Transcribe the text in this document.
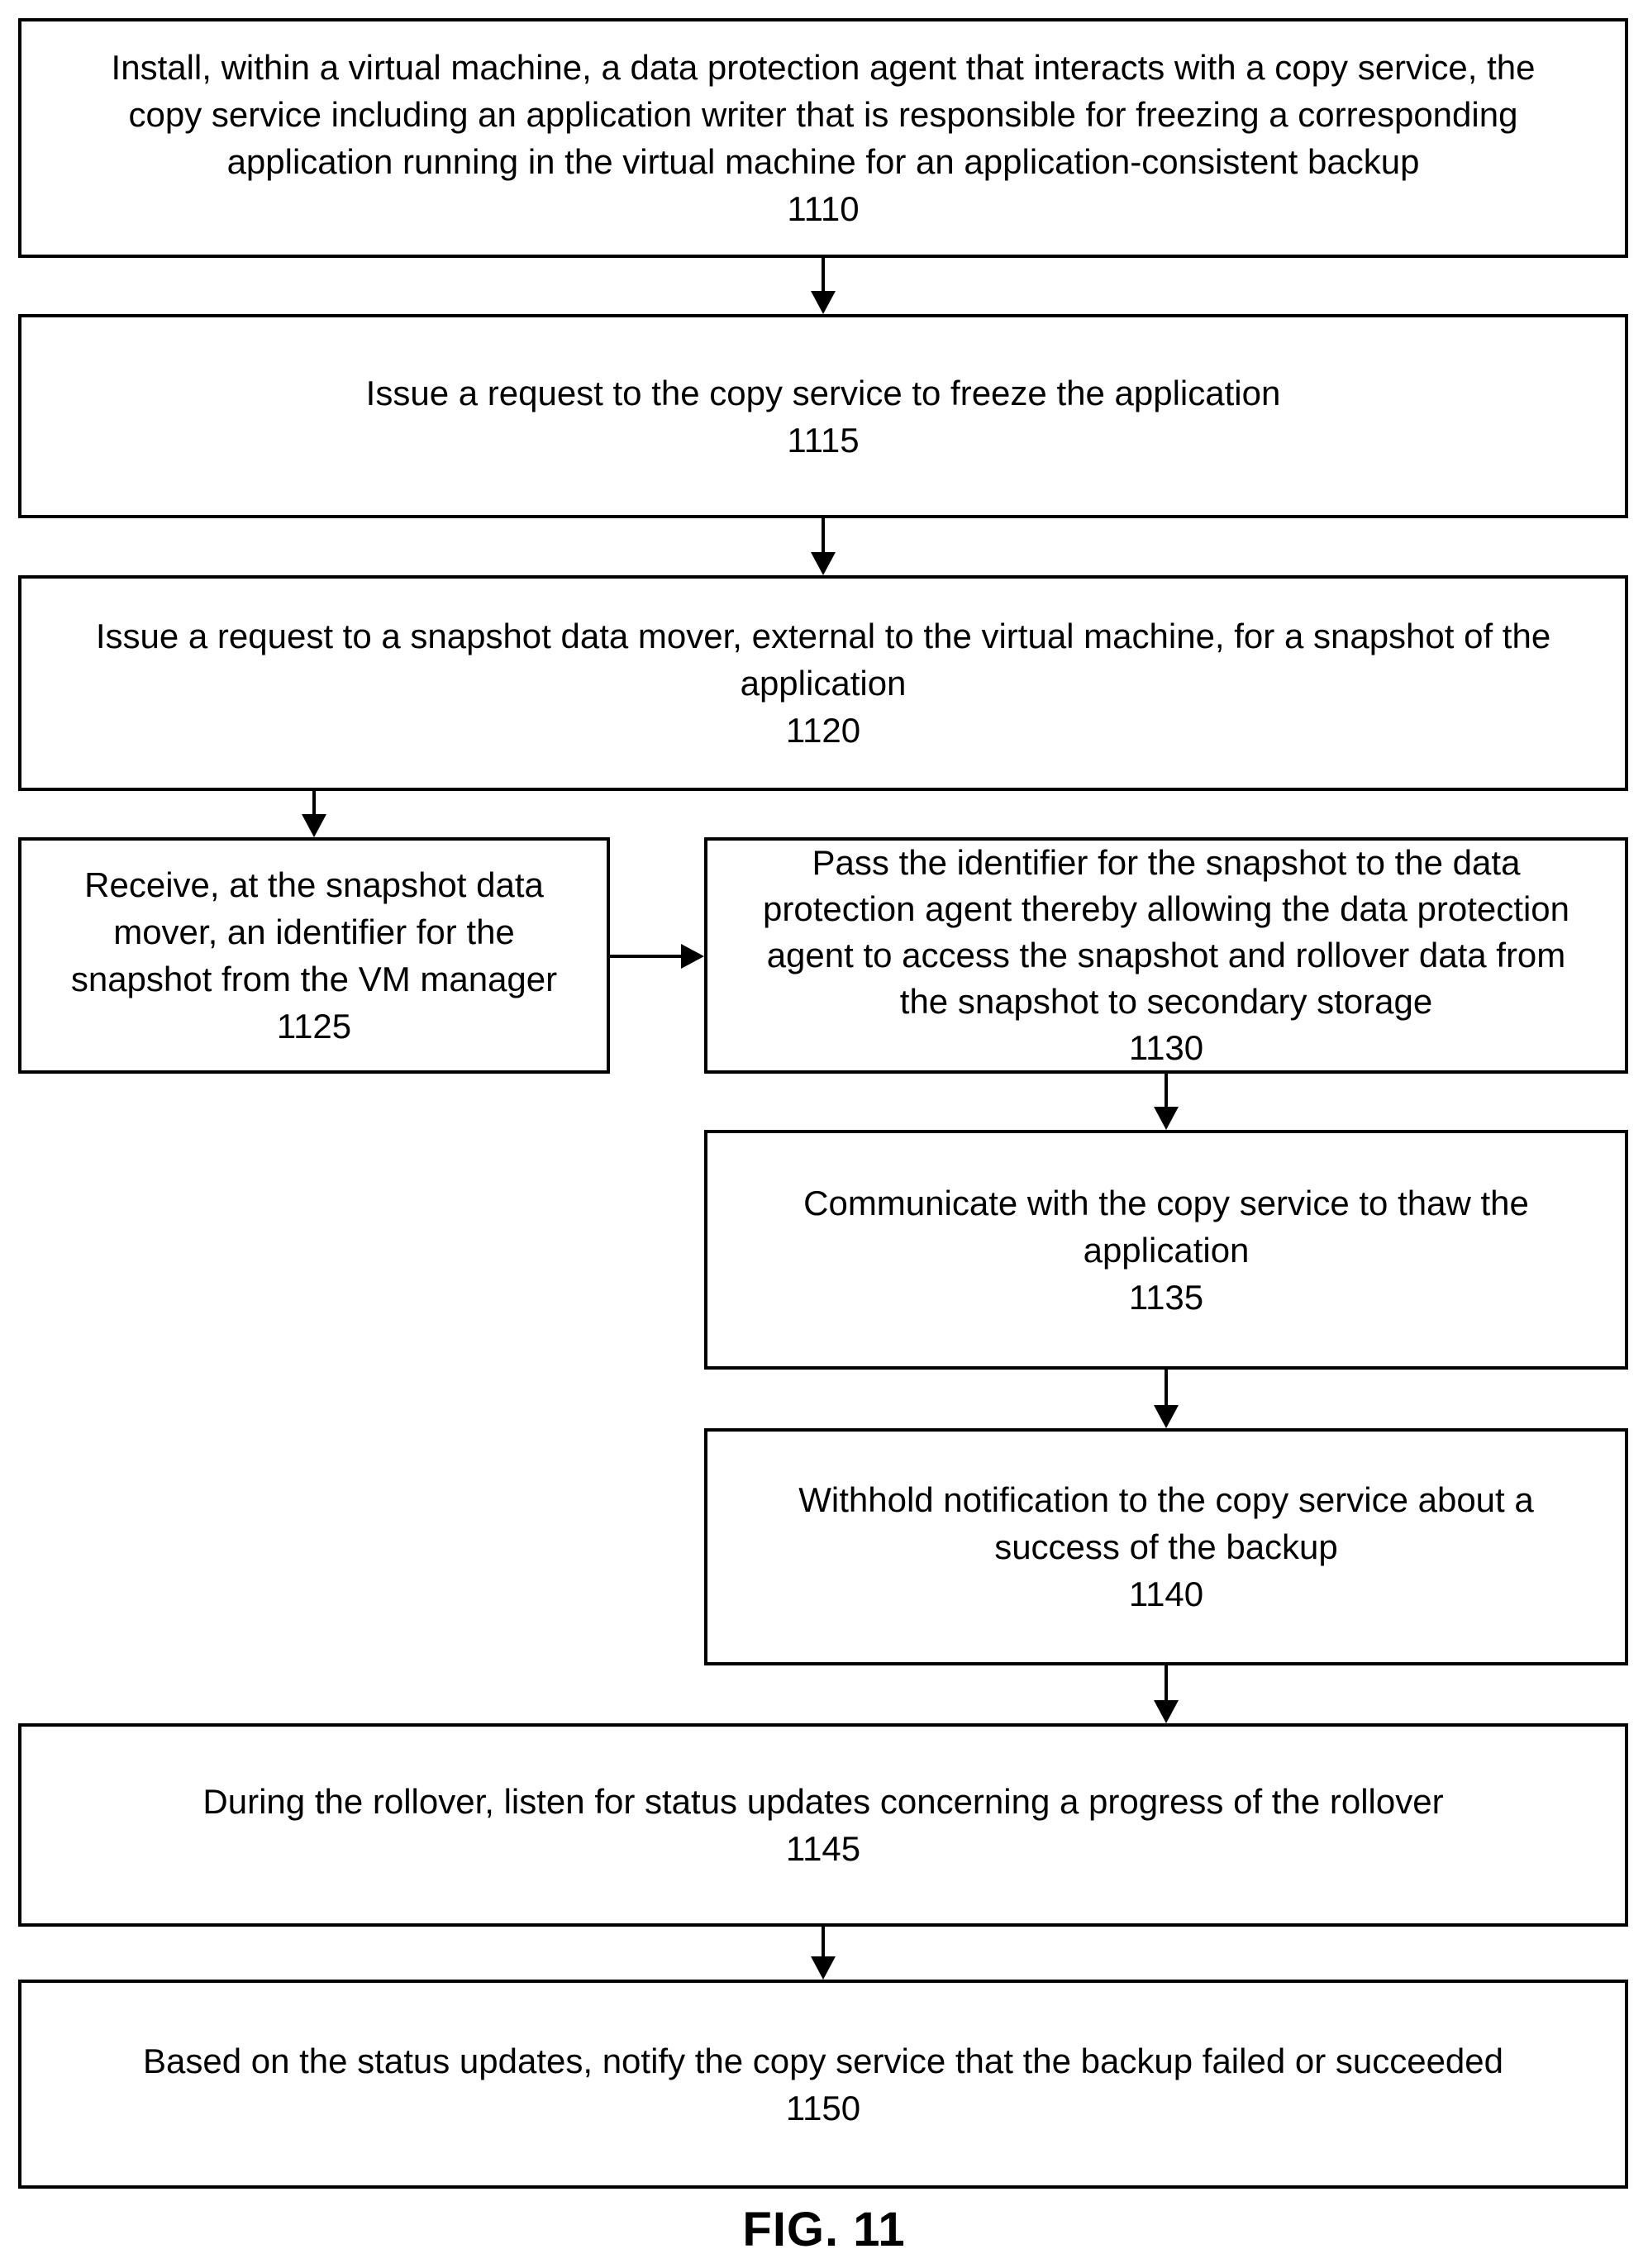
Install, within a virtual machine, a data protection agent that interacts with a copy service, the
copy service including an application writer that is responsible for freezing a corresponding
application running in the virtual machine for an application-consistent backup
1110
Issue a request to the copy service to freeze the application
1115
Issue a request to a snapshot data mover, external to the virtual machine, for a snapshot of the
application
1120
Receive, at the snapshot data
mover, an identifier for the
snapshot from the VM manager
1125
Pass the identifier for the snapshot to the data
protection agent thereby allowing the data protection
agent to access the snapshot and rollover data from
the snapshot to secondary storage
1130
Communicate with the copy service to thaw the
application
1135
Withhold notification to the copy service about a
success of the backup
1140
During the rollover, listen for status updates concerning a progress of the rollover
1145
Based on the status updates, notify the copy service that the backup failed or succeeded
1150
FIG. 11
